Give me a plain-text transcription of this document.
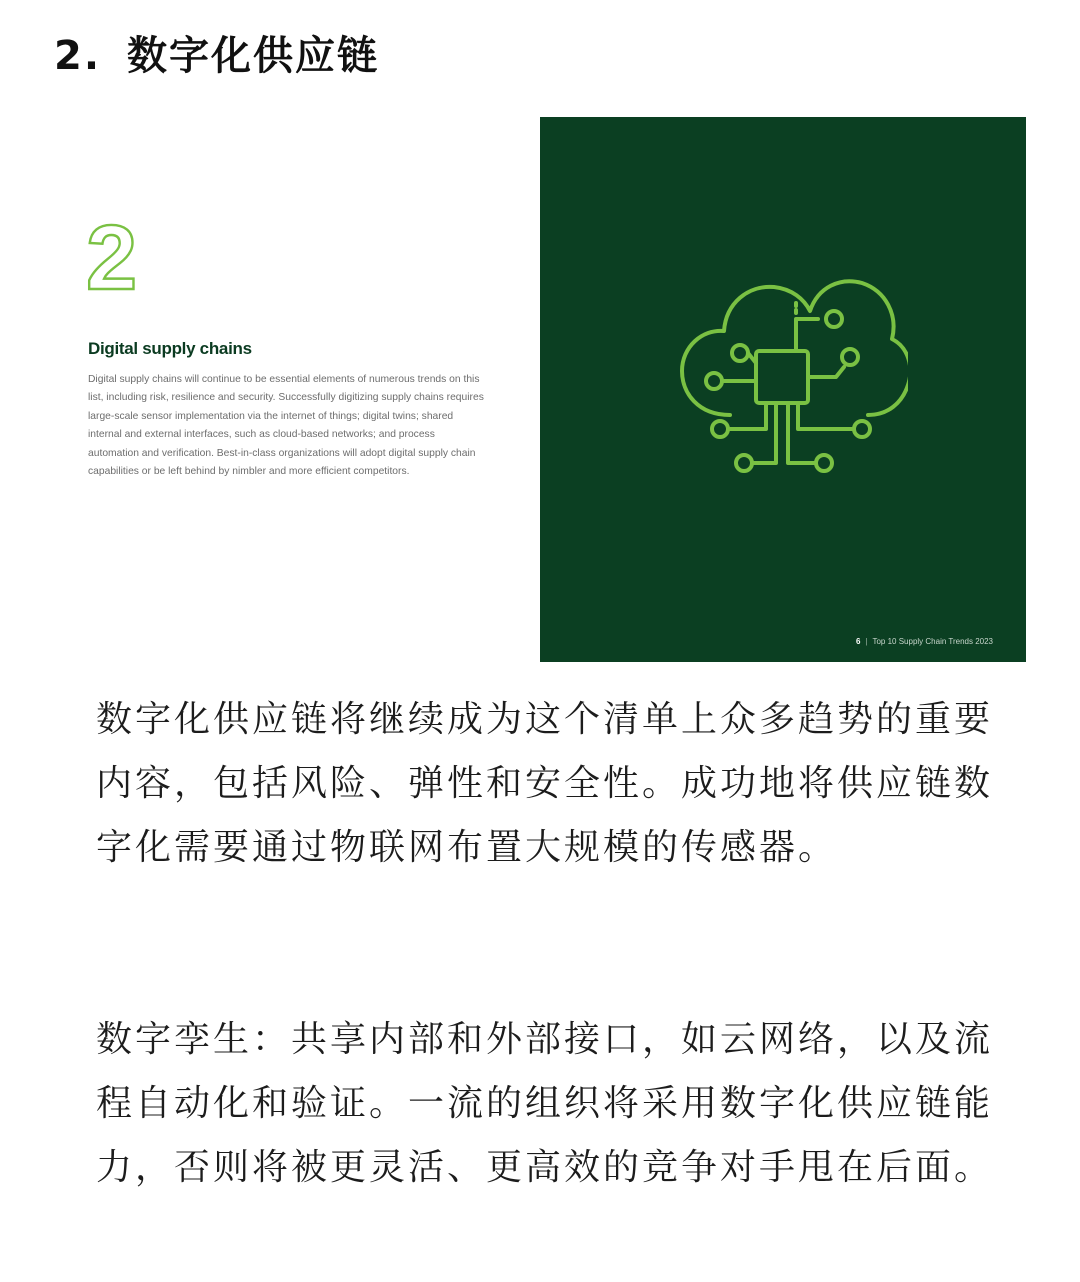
2. 数字化供应链
2
Digital supply chains
Digital supply chains will continue to be essential elements of numerous trends on this list, including risk, resilience and security. Successfully digitizing supply chains requires large-scale sensor implementation via the internet of things; digital twins; shared internal and external interfaces, such as cloud-based networks; and process automation and verification. Best-in-class organizations will adopt digital supply chain capabilities or be left behind by nimbler and more efficient competitors.
6 | Top 10 Supply Chain Trends 2023

数字化供应链将继续成为这个清单上众多趋势的重要内容，包括风险、弹性和安全性。成功地将供应链数字化需要通过物联网布置大规模的传感器。

数字孪生：共享内部和外部接口，如云网络，以及流程自动化和验证。一流的组织将采用数字化供应链能力，否则将被更灵活、更高效的竞争对手甩在后面。
